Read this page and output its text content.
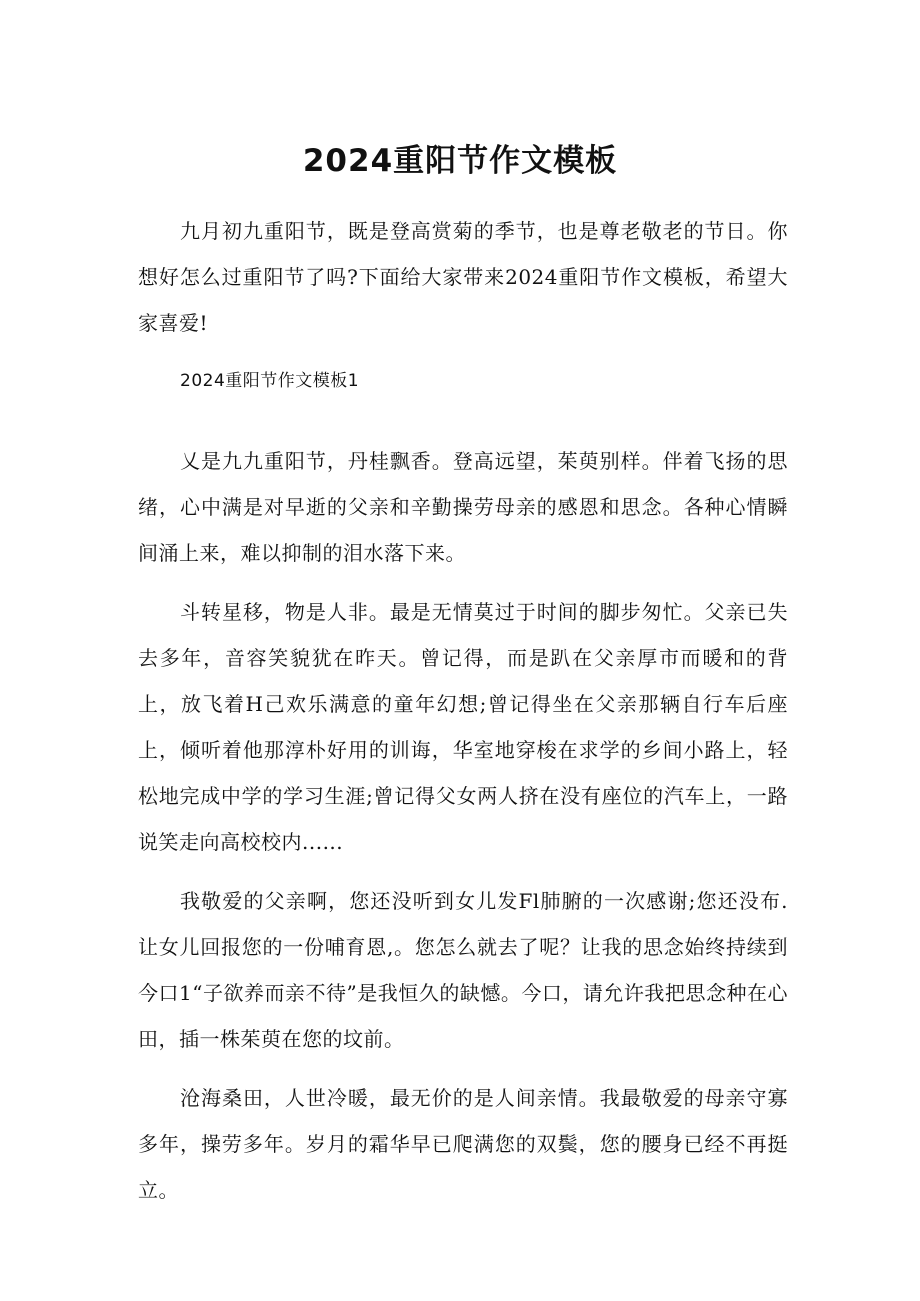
2024重阳节作文模板

九月初九重阳节，既是登高赏菊的季节，也是尊老敬老的节日。你想好怎么过重阳节了吗?下面给大家带来2024重阳节作文模板，希望大家喜爱!

2024重阳节作文模板1

乂是九九重阳节，丹桂飘香。登高远望，茱萸别样。伴着飞扬的思绪，心中满是对早逝的父亲和辛勤操劳母亲的感恩和思念。各种心情瞬间涌上来，难以抑制的泪水落下来。

斗转星移，物是人非。最是无情莫过于时间的脚步匆忙。父亲已失去多年，音容笑貌犹在昨天。曾记得，而是趴在父亲厚市而暖和的背上，放飞着H己欢乐满意的童年幻想;曾记得坐在父亲那辆自行车后座上，倾听着他那淳朴好用的训诲，华室地穿梭在求学的乡间小路上，轻松地完成中学的学习生涯;曾记得父女两人挤在没有座位的汽车上，一路说笑走向高校校内......

我敬爱的父亲啊，您还没听到女儿发Fl肺腑的一次感谢;您还没布.让女儿回报您的一份哺育恩,。您怎么就去了呢？让我的思念始终持续到今口1“子欲养而亲不待”是我恒久的缺憾。今口，请允许我把思念种在心田，插一株茱萸在您的坟前。

沧海桑田，人世冷暖，最无价的是人间亲情。我最敬爱的母亲守寡多年，操劳多年。岁月的霜华早已爬满您的双鬓，您的腰身已经不再挺立。
